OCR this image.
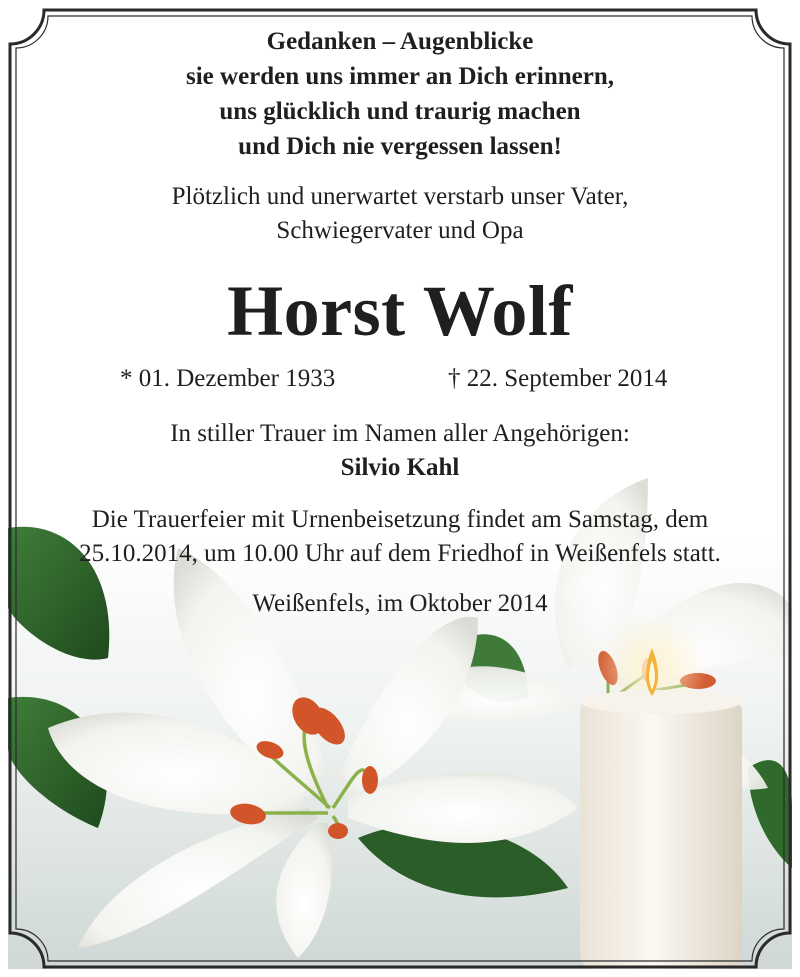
Gedanken – Augenblicke
sie werden uns immer an Dich erinnern,
uns glücklich und traurig machen
und Dich nie vergessen lassen!
Plötzlich und unerwartet verstarb unser Vater,
Schwiegervater und Opa
Horst Wolf
* 01. Dezember 1933	† 22. September 2014
In stiller Trauer im Namen aller Angehörigen:
Silvio Kahl
Die Trauerfeier mit Urnenbeisetzung findet am Samstag, dem
25.10.2014, um 10.00 Uhr auf dem Friedhof in Weißenfels statt.
Weißenfels, im Oktober 2014
